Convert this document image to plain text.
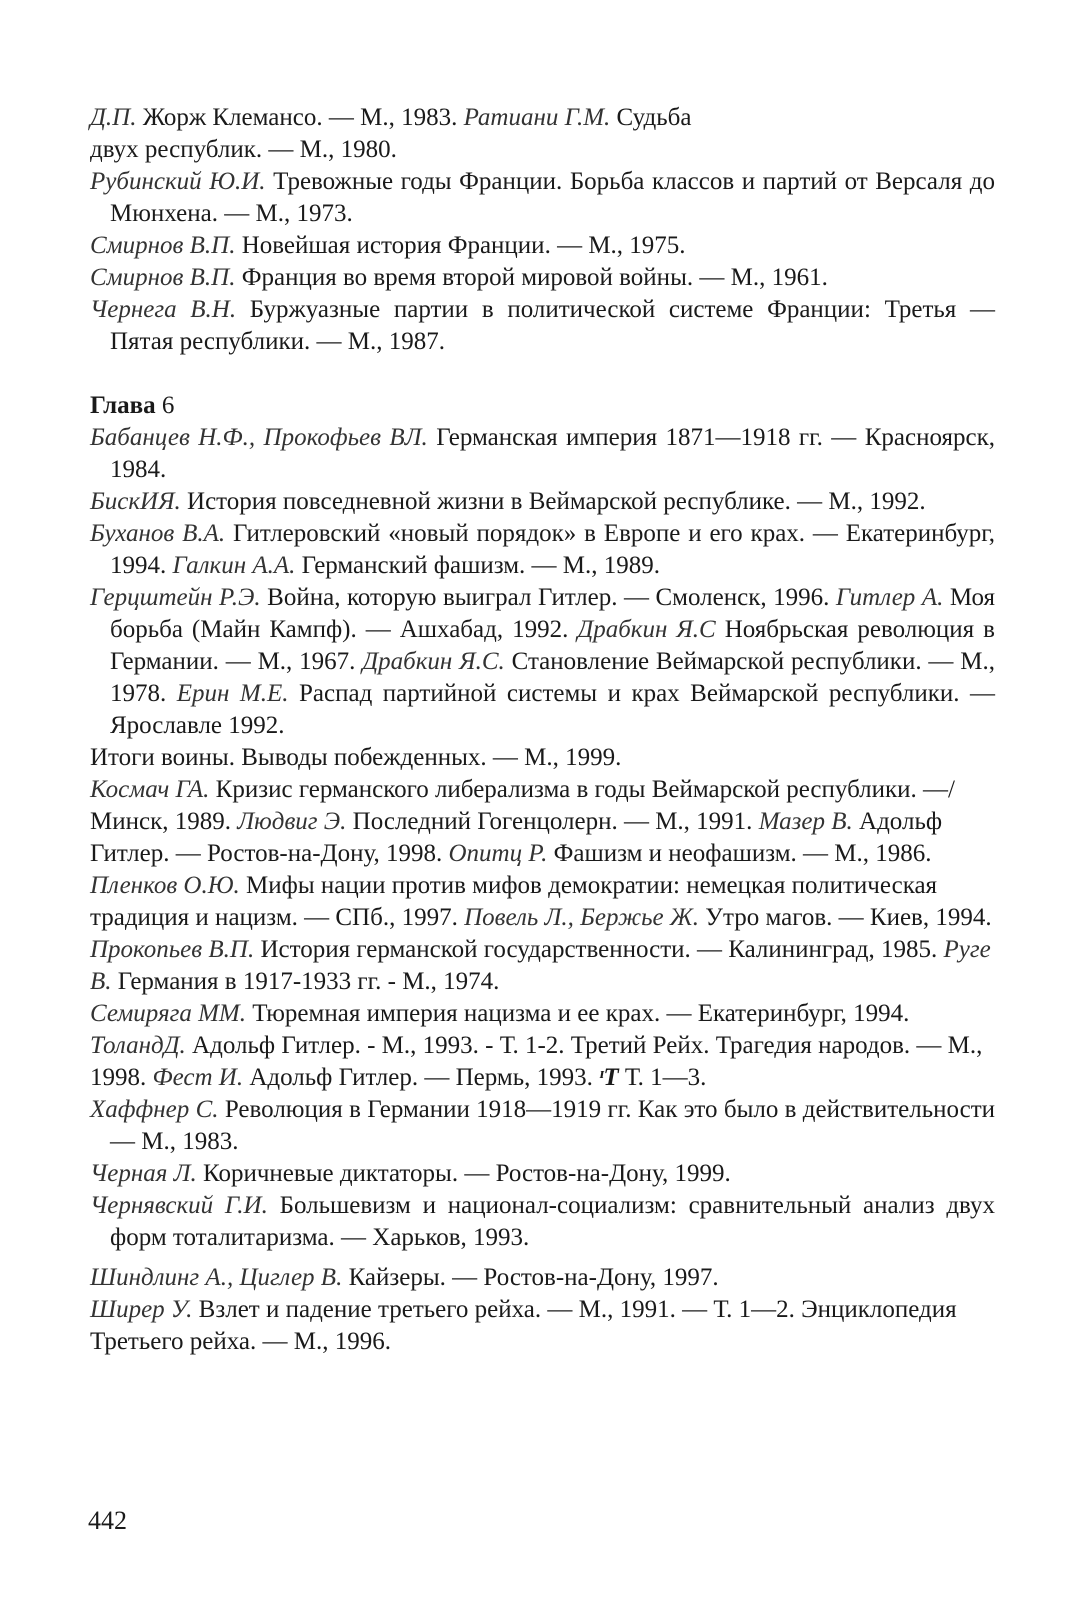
Д.П. Жорж Клемансо. — М., 1983. Ратиани Г.М. Судьба

двух республик. — М., 1980.

Рубинский Ю.И. Тревожные годы Франции. Борьба классов и партий от Версаля до Мюнхена. — М., 1973.

Смирнов В.П. Новейшая история Франции. — М., 1975.

Смирнов В.П. Франция во время второй мировой войны. — М., 1961.

Чернега В.Н. Буржуазные партии в политической системе Франции: Третья — Пятая республики. — М., 1987.

Глава 6

Бабанцев Н.Ф., Прокофьев ВЛ. Германская империя 1871—1918 гг. — Красноярск, 1984.

БискИЯ. История повседневной жизни в Веймарской республике. — М., 1992.

Буханов В.А. Гитлеровский «новый порядок» в Европе и его крах. — Екатеринбург, 1994. Галкин А.А. Германский фашизм. — М., 1989.

Герцштейн Р.Э. Война, которую выиграл Гитлер. — Смоленск, 1996. Гитлер А. Моя борьба (Майн Кампф). — Ашхабад, 1992. Драбкин Я.С Ноябрьская революция в Германии. — М., 1967. Драбкин Я.С. Становление Веймарской республики. — М., 1978. Ерин М.Е. Распад партийной системы и крах Веймарской республики. — Ярославле 1992.

Итоги воины. Выводы побежденных. — М., 1999.

Космач ГА. Кризис германского либерализма в годы Веймарской республики. —/Минск, 1989. Людвиг Э. Последний Гогенцолерн. — М., 1991. Мазер В. Адольф Гитлер. — Ростов-на-Дону, 1998. Опитц Р. Фашизм и неофашизм. — М., 1986.

Пленков О.Ю. Мифы нации против мифов демократии: немецкая политическая традиция и нацизм. — СПб., 1997. Повель Л., Бержье Ж. Утро магов. — Киев, 1994.

Прокопьев В.П. История германской государственности. — Калининград, 1985. Руге В. Германия в 1917-1933 гг. - М., 1974.

Семиряга ММ. Тюремная империя нацизма и ее крах. — Екатеринбург, 1994.

ТоландД. Адольф Гитлер. - М., 1993. - Т. 1-2. Третий Рейх. Трагедия народов. — М., 1998. Фест И. Адольф Гитлер. — Пермь, 1993. ᶦT Т. 1—3.

Хаффнер С. Революция в Германии 1918—1919 гг. Как это было в действительности — М., 1983.

Черная Л. Коричневые диктаторы. — Ростов-на-Дону, 1999.

Чернявский Г.И. Большевизм и национал-социализм: сравнительный анализ двух форм тоталитаризма. — Харьков, 1993.

Шиндлинг А., Циглер В. Кайзеры. — Ростов-на-Дону, 1997.

Ширер У. Взлет и падение третьего рейха. — М., 1991. — Т. 1—2. Энциклопедия Третьего рейха. — М., 1996.

442
